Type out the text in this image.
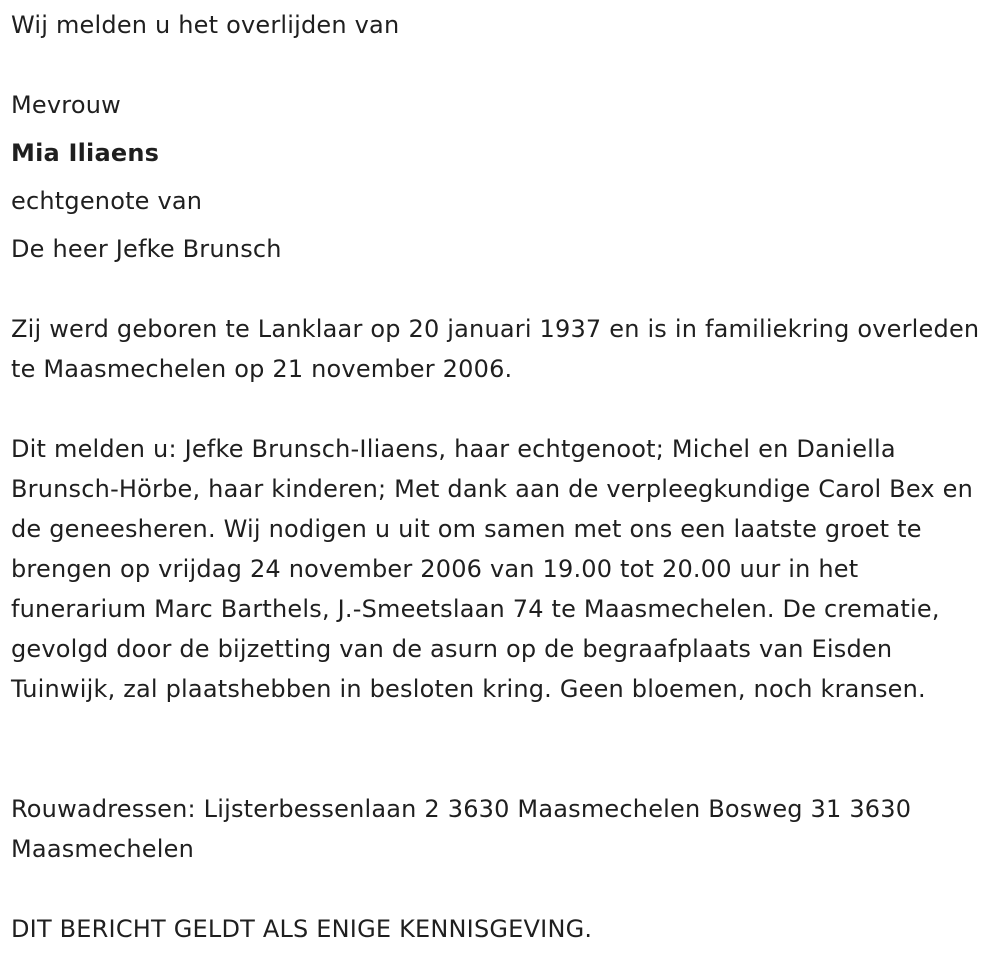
Wij melden u het overlijden van
Mevrouw
Mia Iliaens
echtgenote van
De heer Jefke Brunsch
Zij werd geboren te Lanklaar op 20 januari 1937 en is in familiekring overleden te Maasmechelen op 21 november 2006.
Dit melden u: Jefke Brunsch-Iliaens, haar echtgenoot; Michel en Daniella Brunsch-Hörbe, haar kinderen; Met dank aan de verpleegkundige Carol Bex en de geneesheren. Wij nodigen u uit om samen met ons een laatste groet te brengen op vrijdag 24 november 2006 van 19.00 tot 20.00 uur in het funerarium Marc Barthels, J.-Smeetslaan 74 te Maasmechelen. De crematie, gevolgd door de bijzetting van de asurn op de begraafplaats van Eisden Tuinwijk, zal plaatshebben in besloten kring. Geen bloemen, noch kransen.
Rouwadressen: Lijsterbessenlaan 2 3630 Maasmechelen Bosweg 31 3630 Maasmechelen
DIT BERICHT GELDT ALS ENIGE KENNISGEVING.
